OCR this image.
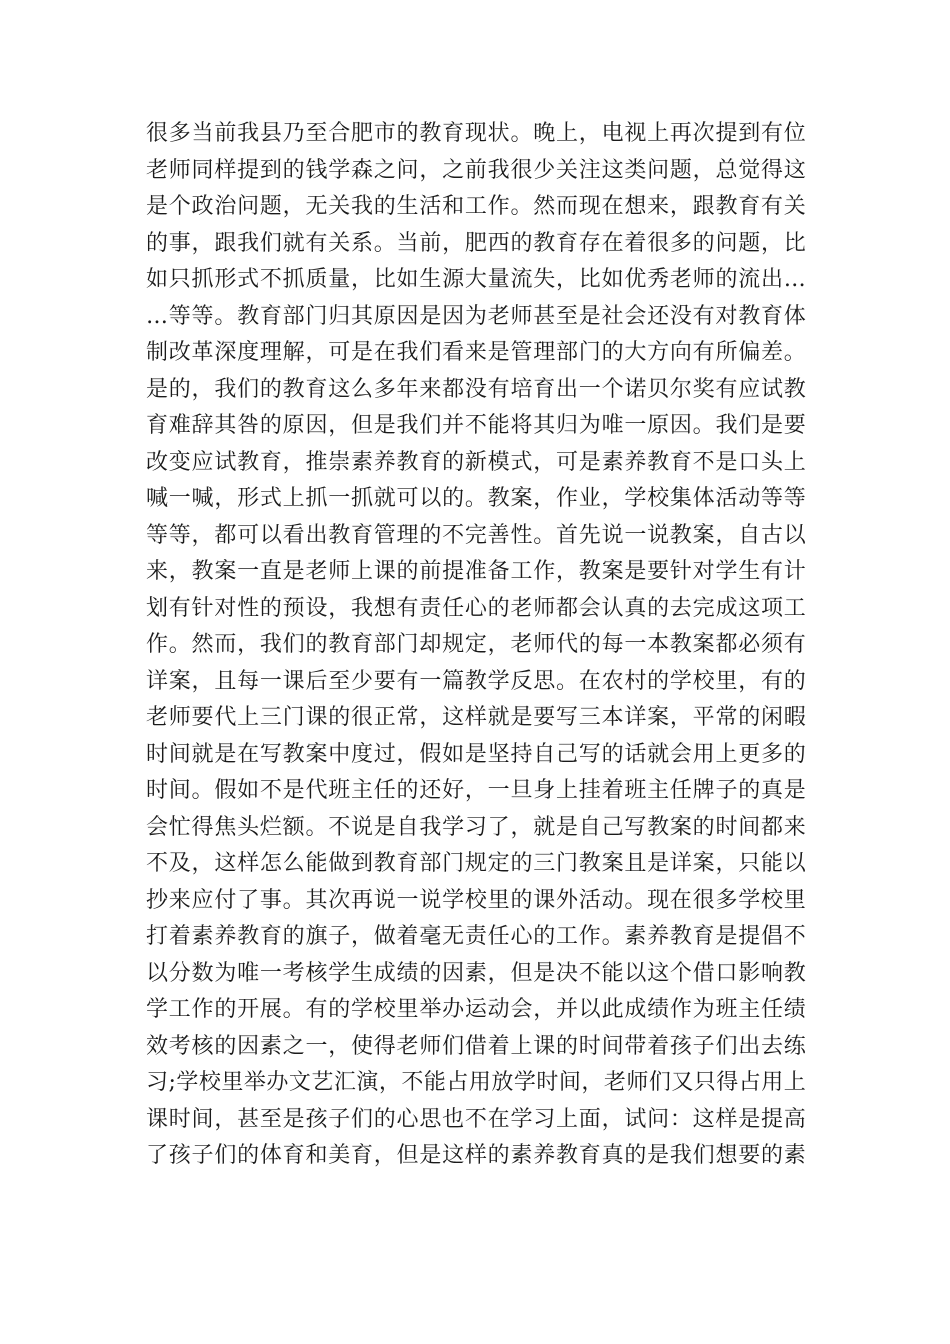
很多当前我县乃至合肥市的教育现状。晚上，电视上再次提到有位
老师同样提到的钱学森之问，之前我很少关注这类问题，总觉得这
是个政治问题，无关我的生活和工作。然而现在想来，跟教育有关
的事，跟我们就有关系。当前，肥西的教育存在着很多的问题，比
如只抓形式不抓质量，比如生源大量流失，比如优秀老师的流出…
…等等。教育部门归其原因是因为老师甚至是社会还没有对教育体
制改革深度理解，可是在我们看来是管理部门的大方向有所偏差。
是的，我们的教育这么多年来都没有培育出一个诺贝尔奖有应试教
育难辞其咎的原因，但是我们并不能将其归为唯一原因。我们是要
改变应试教育，推崇素养教育的新模式，可是素养教育不是口头上
喊一喊，形式上抓一抓就可以的。教案，作业，学校集体活动等等
等等，都可以看出教育管理的不完善性。首先说一说教案，自古以
来，教案一直是老师上课的前提准备工作，教案是要针对学生有计
划有针对性的预设，我想有责任心的老师都会认真的去完成这项工
作。然而，我们的教育部门却规定，老师代的每一本教案都必须有
详案，且每一课后至少要有一篇教学反思。在农村的学校里，有的
老师要代上三门课的很正常，这样就是要写三本详案，平常的闲暇
时间就是在写教案中度过，假如是坚持自己写的话就会用上更多的
时间。假如不是代班主任的还好，一旦身上挂着班主任牌子的真是
会忙得焦头烂额。不说是自我学习了，就是自己写教案的时间都来
不及，这样怎么能做到教育部门规定的三门教案且是详案，只能以
抄来应付了事。其次再说一说学校里的课外活动。现在很多学校里
打着素养教育的旗子，做着毫无责任心的工作。素养教育是提倡不
以分数为唯一考核学生成绩的因素，但是决不能以这个借口影响教
学工作的开展。有的学校里举办运动会，并以此成绩作为班主任绩
效考核的因素之一，使得老师们借着上课的时间带着孩子们出去练
习;学校里举办文艺汇演，不能占用放学时间，老师们又只得占用上
课时间，甚至是孩子们的心思也不在学习上面，试问：这样是提高
了孩子们的体育和美育，但是这样的素养教育真的是我们想要的素
